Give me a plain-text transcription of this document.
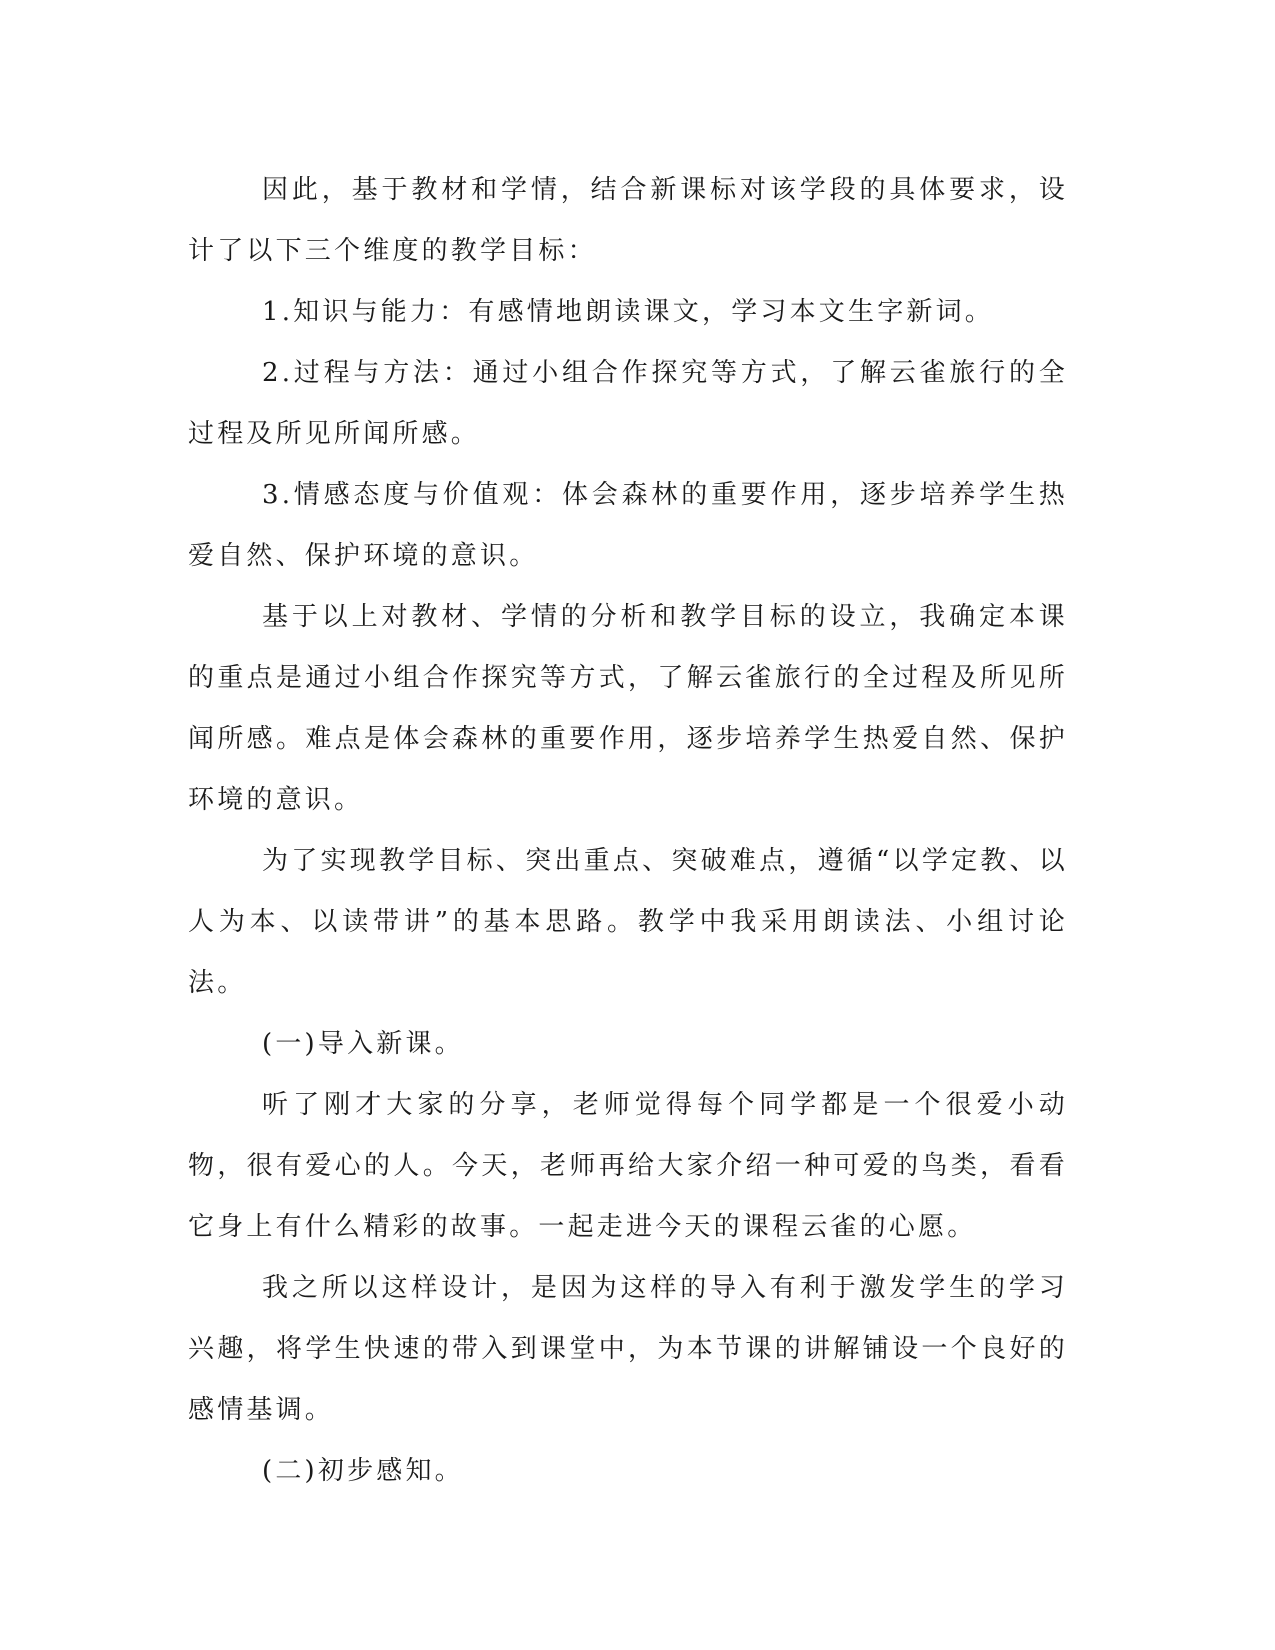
因此，基于教材和学情，结合新课标对该学段的具体要求，设计了以下三个维度的教学目标：

1.知识与能力：有感情地朗读课文，学习本文生字新词。

2.过程与方法：通过小组合作探究等方式，了解云雀旅行的全过程及所见所闻所感。

3.情感态度与价值观：体会森林的重要作用，逐步培养学生热爱自然、保护环境的意识。

基于以上对教材、学情的分析和教学目标的设立，我确定本课的重点是通过小组合作探究等方式，了解云雀旅行的全过程及所见所闻所感。难点是体会森林的重要作用，逐步培养学生热爱自然、保护环境的意识。

为了实现教学目标、突出重点、突破难点，遵循“以学定教、以人为本、以读带讲”的基本思路。教学中我采用朗读法、小组讨论法。

(一)导入新课。

听了刚才大家的分享，老师觉得每个同学都是一个很爱小动物，很有爱心的人。今天，老师再给大家介绍一种可爱的鸟类，看看它身上有什么精彩的故事。一起走进今天的课程云雀的心愿。

我之所以这样设计，是因为这样的导入有利于激发学生的学习兴趣，将学生快速的带入到课堂中，为本节课的讲解铺设一个良好的感情基调。

(二)初步感知。
